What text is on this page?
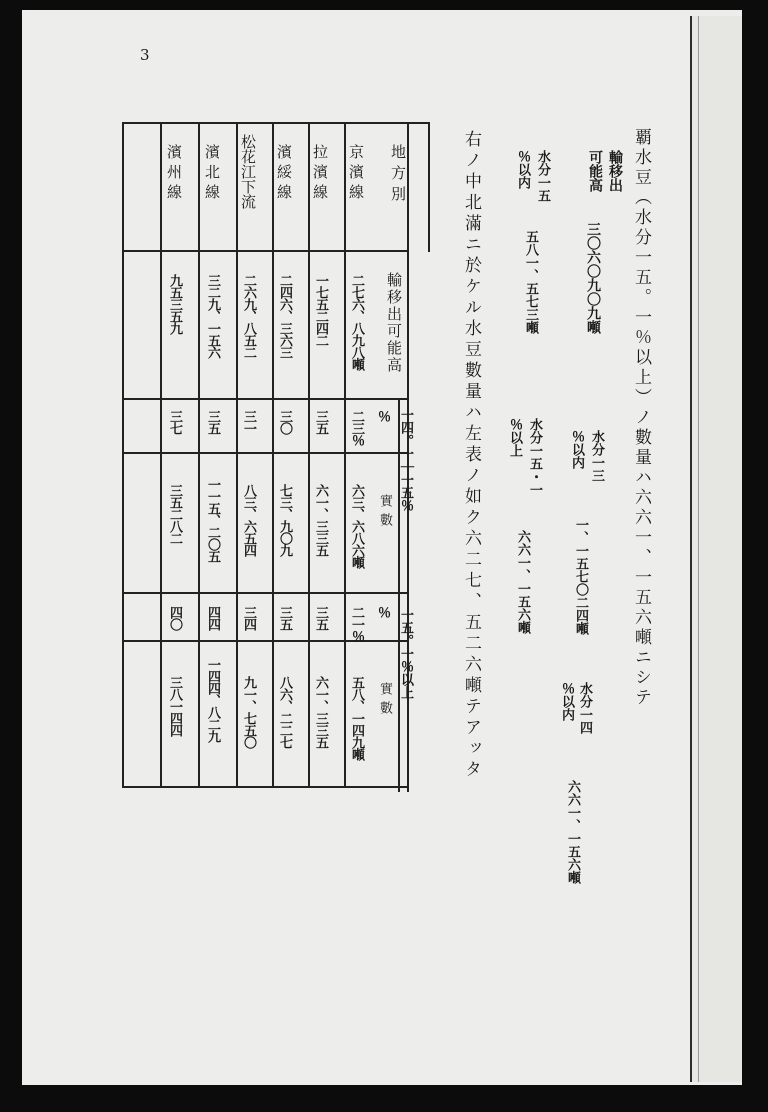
3
覇水豆（水分一五。一％以上）ノ數量ハ六六一、一五六噸ニシテ
輸移出
可能高
三〇六〇九〇九噸
水分一三
％以内
一、一五七〇二四噸
水分一四
％以内
六六一、一五六噸
水分一五
％以内
五八一、五七三噸
水分一五・一
％以上
六六一、一五六噸
右ノ中北滿ニ於ケル水豆數量ハ左表ノ如ク六二七、五二六噸テアッタ
地方別
輸移出可能高
一四。一｜一五％
一五。一％以上
％
實數
％
實數
京濱線
二七六、八九八噸
二三％
六三、六八六噸
二一％
五八、一四九噸
拉濱線
一七五二四二
三五
六一、三三五
三五
六一、三三五
濱綏線
二四六、三六三
三〇
七三、九〇九
三五
八六、二二七
松花江下流
二六九、八五二
三一
八三、六五四
三四
九一、七五〇
濱北線
三二九、一五六
三五
一一五、二〇五
四四
一四四、八二九
濱州線
九五三五九
三七
三五二八二
四〇
三八一四四
